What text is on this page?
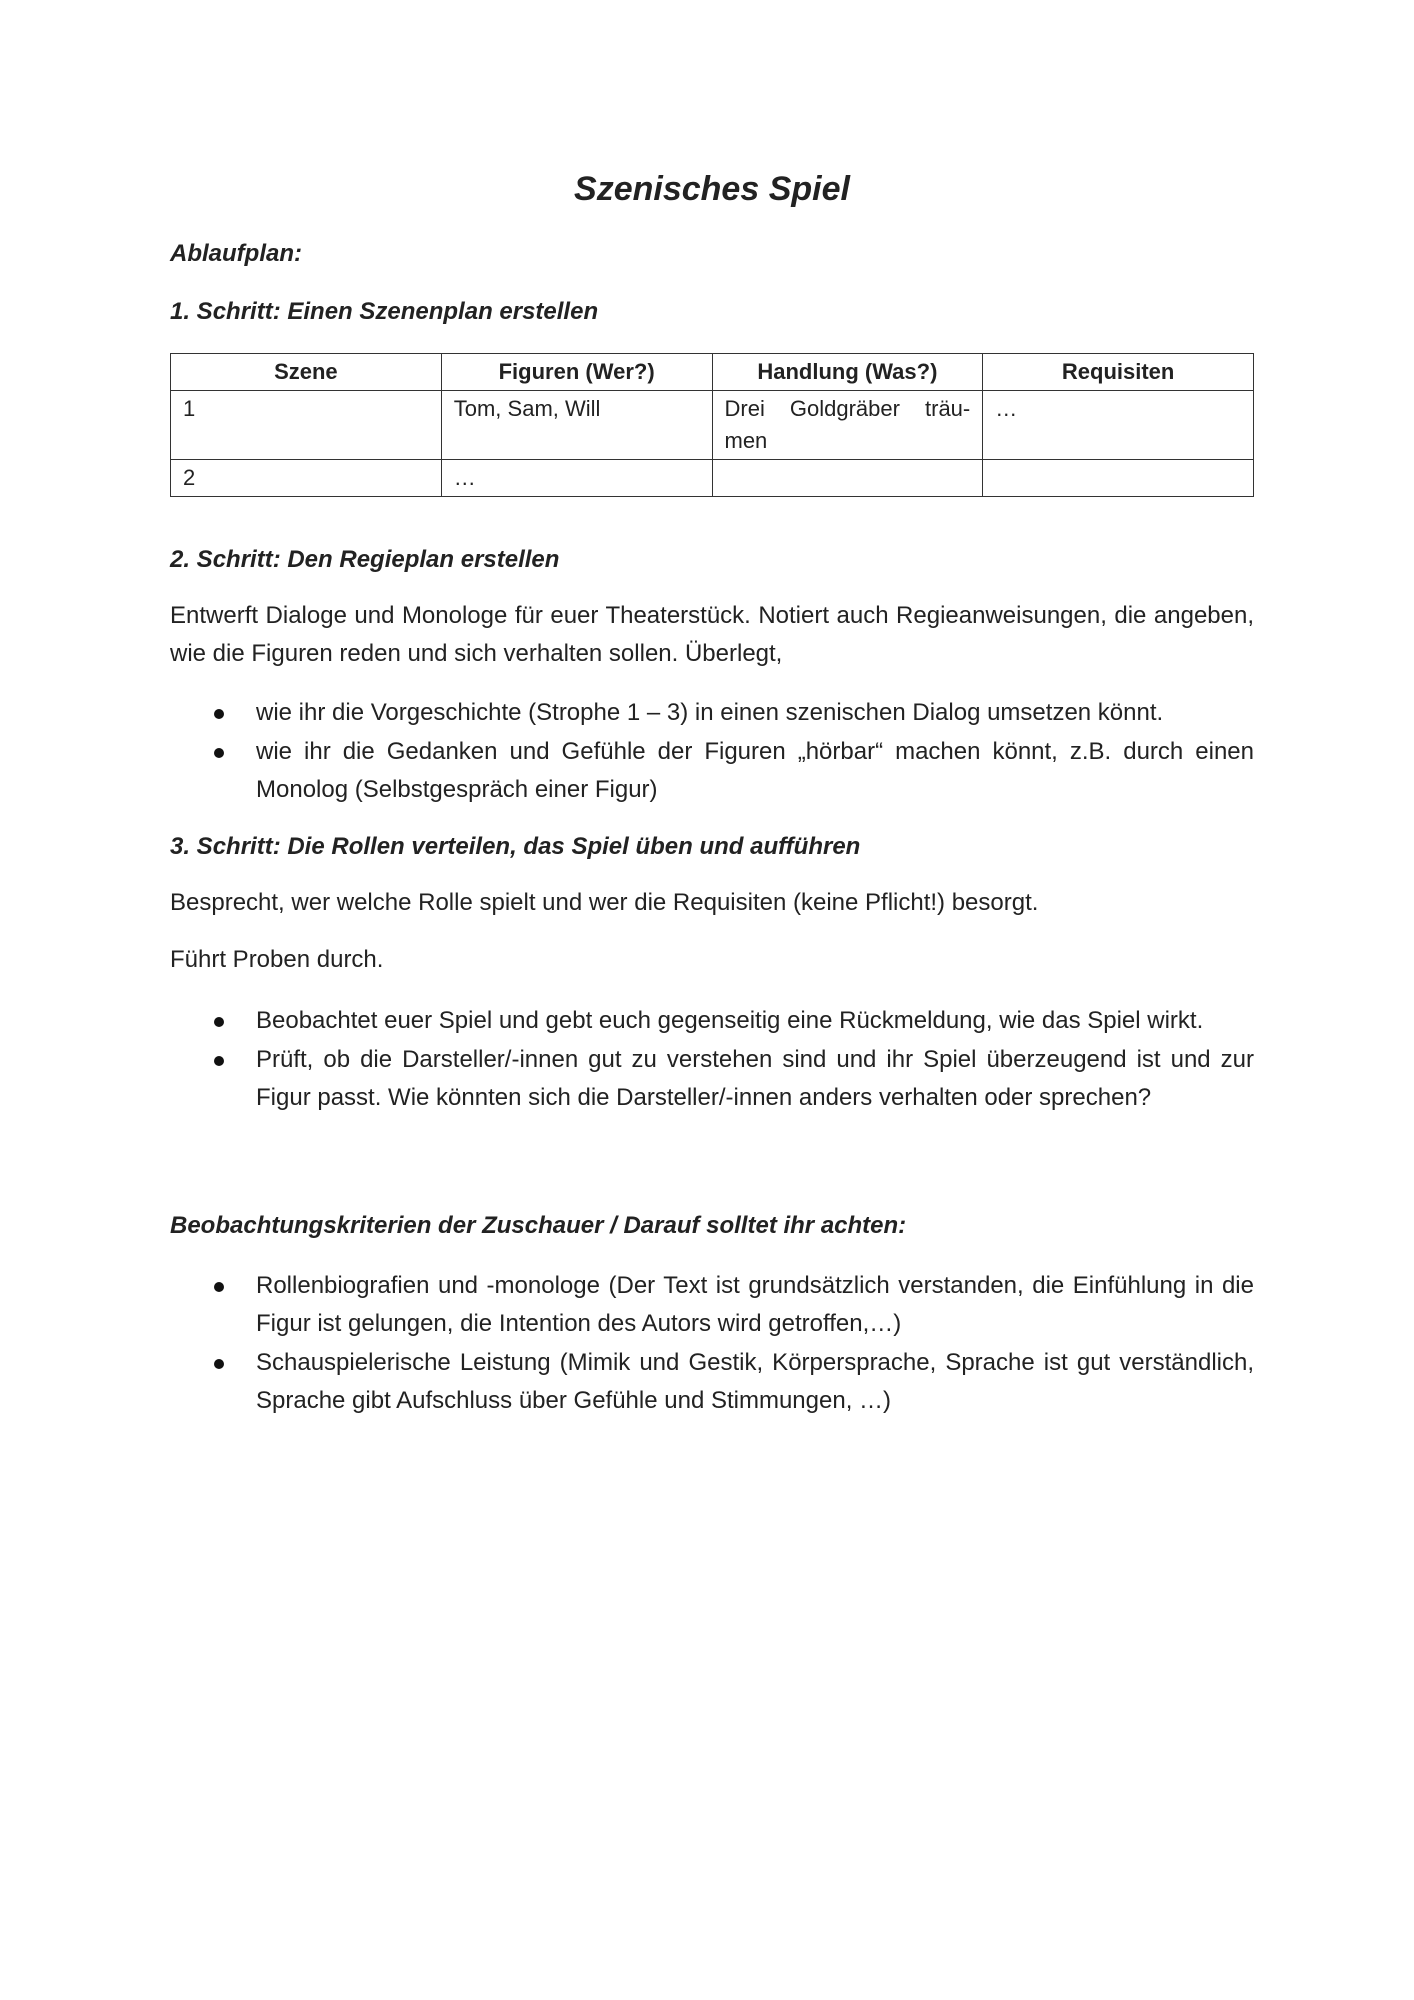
Szenisches Spiel

Ablaufplan:

1. Schritt: Einen Szenenplan erstellen

Szene	Figuren (Wer?)	Handlung (Was?)	Requisiten
1	Tom, Sam, Will	Drei Goldgräber träu-men	…
2	…		

2. Schritt: Den Regieplan erstellen

Entwerft Dialoge und Monologe für euer Theaterstück. Notiert auch Regieanweisungen, die angeben, wie die Figuren reden und sich verhalten sollen. Überlegt,

wie ihr die Vorgeschichte (Strophe 1 – 3) in einen szenischen Dialog umsetzen könnt.
wie ihr die Gedanken und Gefühle der Figuren „hörbar“ machen könnt, z.B. durch einen Monolog (Selbstgespräch einer Figur)

3. Schritt: Die Rollen verteilen, das Spiel üben und aufführen

Besprecht, wer welche Rolle spielt und wer die Requisiten (keine Pflicht!) besorgt.

Führt Proben durch.

Beobachtet euer Spiel und gebt euch gegenseitig eine Rückmeldung, wie das Spiel wirkt.
Prüft, ob die Darsteller/-innen gut zu verstehen sind und ihr Spiel überzeugend ist und zur Figur passt. Wie könnten sich die Darsteller/-innen anders verhalten oder sprechen?

Beobachtungskriterien der Zuschauer / Darauf solltet ihr achten:

Rollenbiografien und -monologe (Der Text ist grundsätzlich verstanden, die Einfühlung in die Figur ist gelungen, die Intention des Autors wird getroffen,…)
Schauspielerische Leistung (Mimik und Gestik, Körpersprache, Sprache ist gut verständlich, Sprache gibt Aufschluss über Gefühle und Stimmungen, …)
